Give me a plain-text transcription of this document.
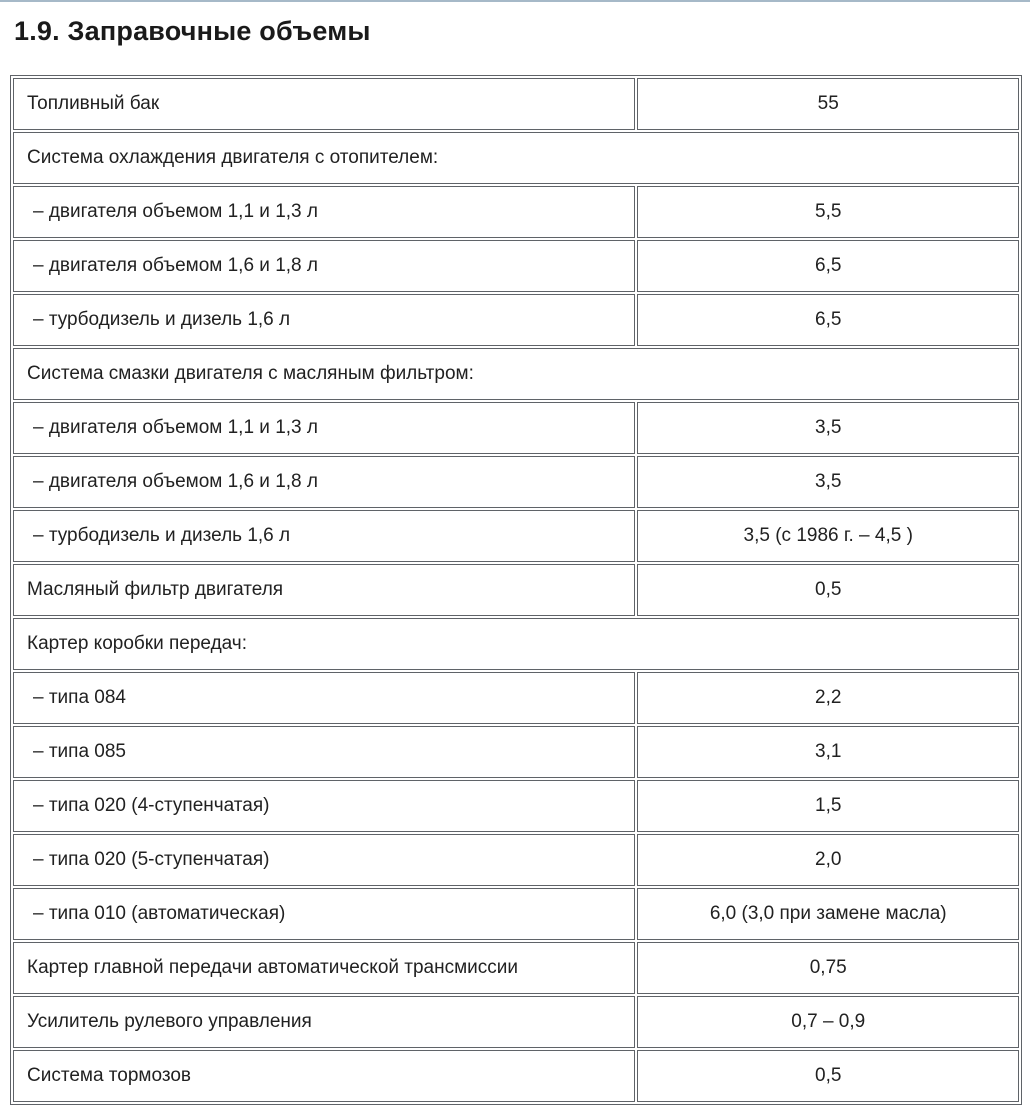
1.9. Заправочные объемы
Топливный бак	55
Система охлаждения двигателя с отопителем:	
– двигателя объемом 1,1 и 1,3 л	5,5
– двигателя объемом 1,6 и 1,8 л	6,5
– турбодизель и дизель 1,6 л	6,5
Система смазки двигателя с масляным фильтром:	
– двигателя объемом 1,1 и 1,3 л	3,5
– двигателя объемом 1,6 и 1,8 л	3,5
– турбодизель и дизель 1,6 л	3,5 (с 1986 г. – 4,5 )
Масляный фильтр двигателя	0,5
Картер коробки передач:	
– типа 084	2,2
– типа 085	3,1
– типа 020 (4-ступенчатая)	1,5
– типа 020 (5-ступенчатая)	2,0
– типа 010 (автоматическая)	6,0 (3,0 при замене масла)
Картер главной передачи автоматической трансмиссии	0,75
Усилитель рулевого управления	0,7 – 0,9
Система тормозов	0,5
